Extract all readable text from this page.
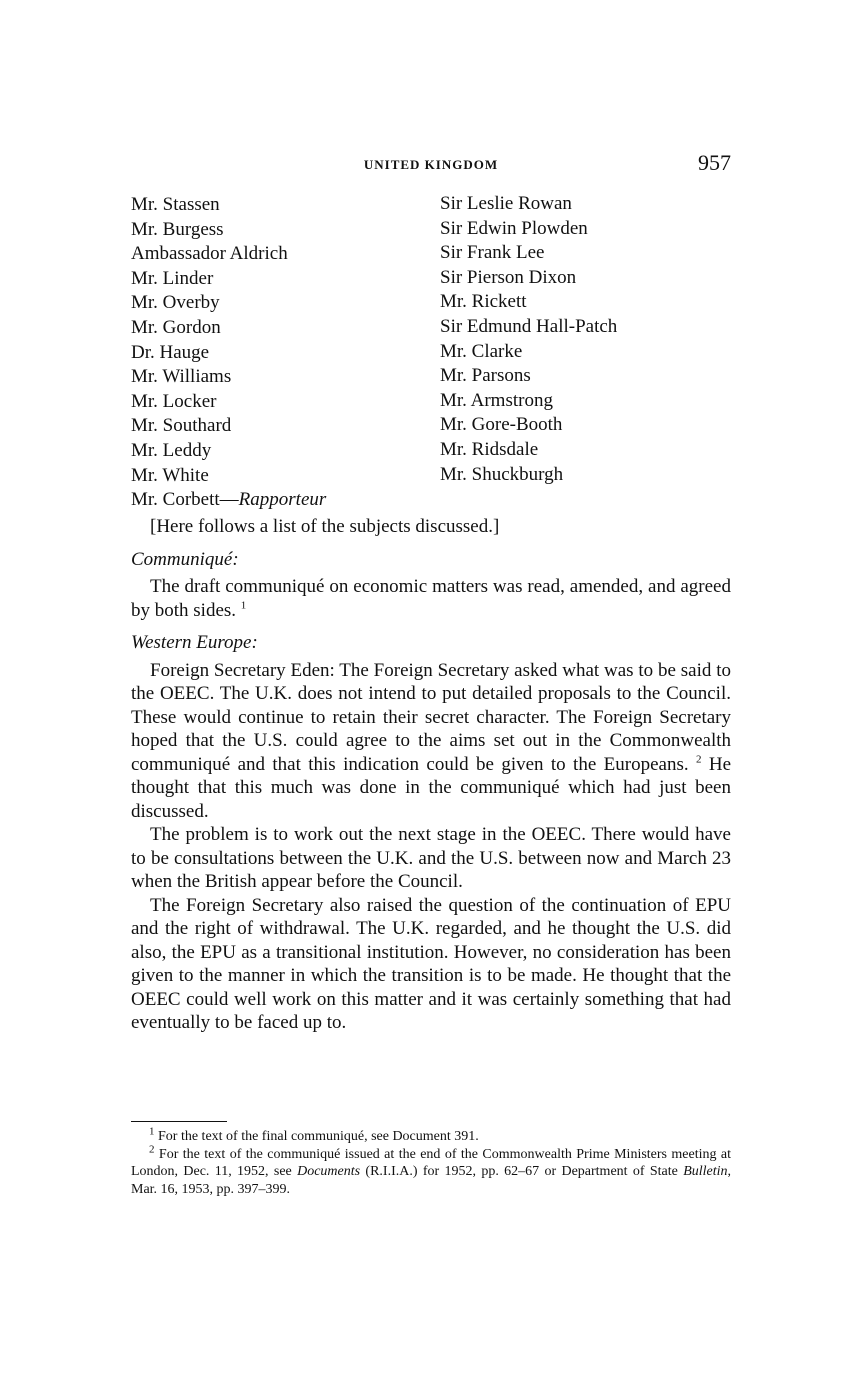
UNITED KINGDOM	957
Mr. Stassen
Mr. Burgess
Ambassador Aldrich
Mr. Linder
Mr. Overby
Mr. Gordon
Dr. Hauge
Mr. Williams
Mr. Locker
Mr. Southard
Mr. Leddy
Mr. White
Mr. Corbett—Rapporteur
Sir Leslie Rowan
Sir Edwin Plowden
Sir Frank Lee
Sir Pierson Dixon
Mr. Rickett
Sir Edmund Hall-Patch
Mr. Clarke
Mr. Parsons
Mr. Armstrong
Mr. Gore-Booth
Mr. Ridsdale
Mr. Shuckburgh
[Here follows a list of the subjects discussed.]
Communiqué:

The draft communiqué on economic matters was read, amended, and agreed by both sides. $^1$

Western Europe:

Foreign Secretary Eden: The Foreign Secretary asked what was to be said to the OEEC. The U.K. does not intend to put detailed proposals to the Council. These would continue to retain their secret character. The Foreign Secretary hoped that the U.S. could agree to the aims set out in the Commonwealth communiqué and that this indication could be given to the Europeans. $^2$ He thought that this much was done in the communiqué which had just been discussed.

The problem is to work out the next stage in the OEEC. There would have to be consultations between the U.K. and the U.S. between now and March 23 when the British appear before the Council.

The Foreign Secretary also raised the question of the continuation of EPU and the right of withdrawal. The U.K. regarded, and he thought the U.S. did also, the EPU as a transitional institution. However, no consideration has been given to the manner in which the transition is to be made. He thought that the OEEC could well work on this matter and it was certainly something that had eventually to be faced up to.

$^1$ For the text of the final communiqué, see Document 391.

$^2$ For the text of the communiqué issued at the end of the Commonwealth Prime Ministers meeting at London, Dec. 11, 1952, see Documents (R.I.I.A.) for 1952, pp. 62–67 or Department of State Bulletin, Mar. 16, 1953, pp. 397–399.
